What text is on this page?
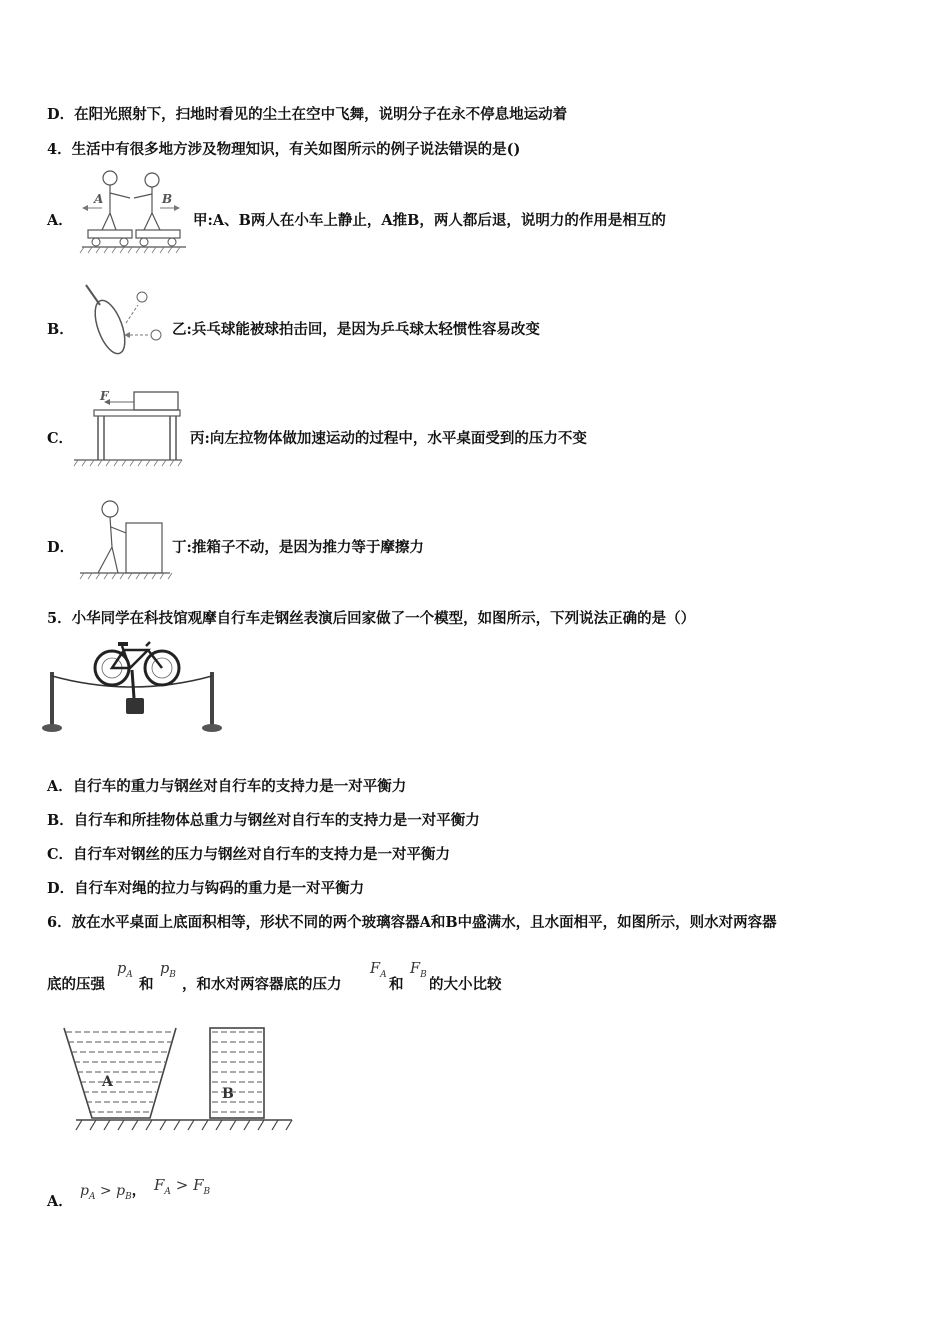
D．在阳光照射下，扫地时看见的尘土在空中飞舞，说明分子在永不停息地运动着
4．生活中有很多地方涉及物理知识，有关如图所示的例子说法错误的是()
A．
A	B
甲:A、B两人在小车上静止，A推B，两人都后退，说明力的作用是相互的
B．	乙:兵乓球能被球拍击回，是因为乒乓球太轻惯性容易改变
C．
F
丙:向左拉物体做加速运动的过程中，水平桌面受到的压力不变
D．	丁:推箱子不动，是因为推力等于摩擦力
5．小华同学在科技馆观摩自行车走钢丝表演后回家做了一个模型，如图所示，下列说法正确的是（）
A．自行车的重力与钢丝对自行车的支持力是一对平衡力
B．自行车和所挂物体总重力与钢丝对自行车的支持力是一对平衡力
C．自行车对钢丝的压力与钢丝对自行车的支持力是一对平衡力
D．自行车对绳的拉力与钩码的重力是一对平衡力
6．放在水平桌面上底面积相等，形状不同的两个玻璃容器A和B中盛满水，且水面相平，如图所示，则水对两容器
底的压强
$p_A$
和
$p_B$
，和水对两容器底的压力
$F_A$
和
$F_B$
的大小比较
A
B
A．
$p_A > p_B$， $F_A > F_B$
